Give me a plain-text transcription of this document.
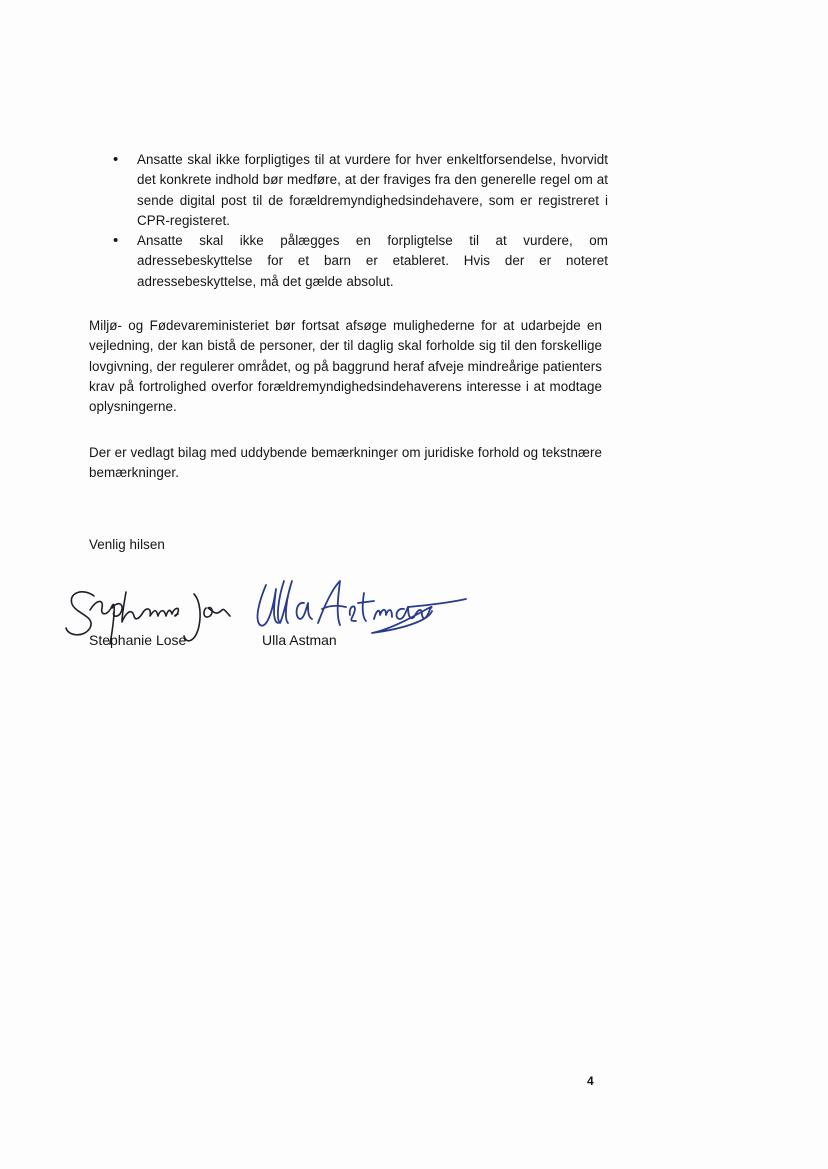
• Ansatte skal ikke forpligtiges til at vurdere for hver enkeltforsendelse, hvorvidt det konkrete indhold bør medføre, at der fraviges fra den generelle regel om at sende digital post til de forældremyndighedsindehavere, som er registreret i CPR-registeret.
• Ansatte skal ikke pålægges en forpligtelse til at vurdere, om adressebeskyttelse for et barn er etableret. Hvis der er noteret adressebeskyttelse, må det gælde absolut.

Miljø- og Fødevareministeriet bør fortsat afsøge mulighederne for at udarbejde en vejledning, der kan bistå de personer, der til daglig skal forholde sig til den forskellige lovgivning, der regulerer området, og på baggrund heraf afveje mindreårige patienters krav på fortrolighed overfor forældremyndighedsindehaverens interesse i at modtage oplysningerne.

Der er vedlagt bilag med uddybende bemærkninger om juridiske forhold og tekstnære bemærkninger.

Venlig hilsen

Stephanie Lose	Ulla Astman

4
